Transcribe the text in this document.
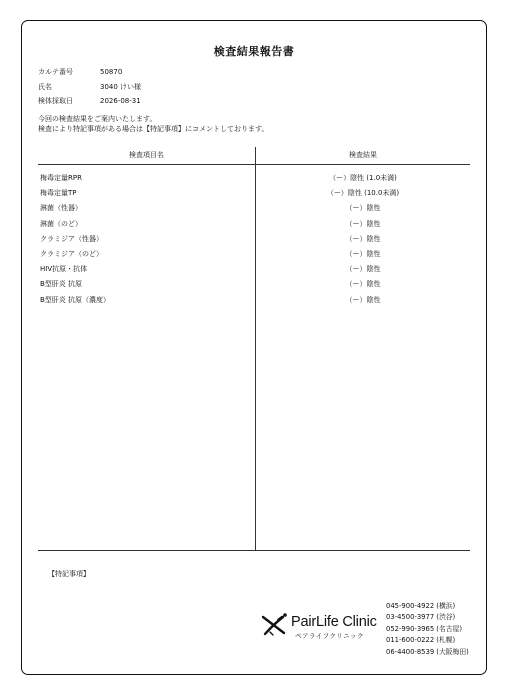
検査結果報告書
カルテ番号	50870
氏名	3040 けい様
検体採取日	2026-08-31
今回の検査結果をご案内いたします。
検査により特記事項がある場合は【特記事項】にコメントしております。
検査項目名	検査結果
梅毒定量RPR	（ー）陰性 (1.0未満)
梅毒定量TP	（ー）陰性 (10.0未満)
淋菌（性器）	（ー）陰性
淋菌（のど）	（ー）陰性
クラミジア（性器）	（ー）陰性
クラミジア（のど）	（ー）陰性
HIV抗原・抗体	（ー）陰性
B型肝炎 抗原	（ー）陰性
B型肝炎 抗原（濃度）	（ー）陰性
【特記事項】
PairLife Clinic
ペアライフクリニック
045-900-4922 (横浜)
03-4500-3977 (渋谷)
052-990-3965 (名古屋)
011-600-0222 (札幌)
06-4400-8539 (大阪梅田)
